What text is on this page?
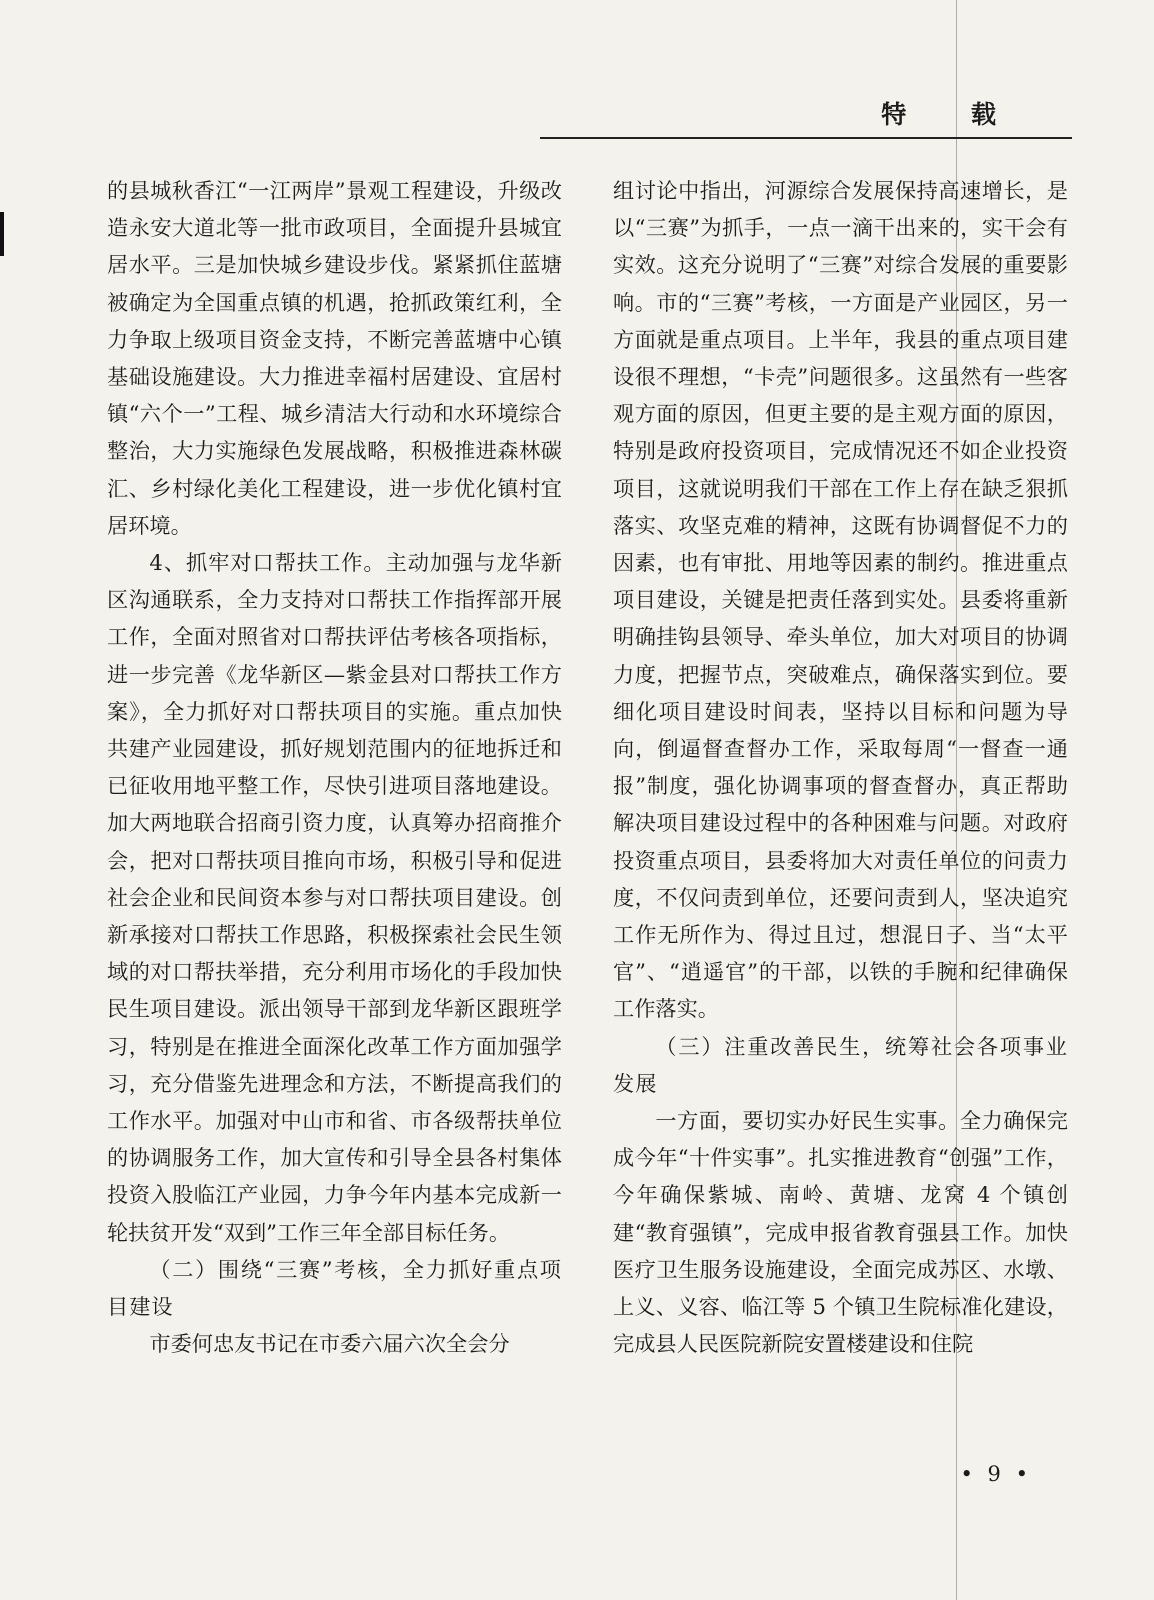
特 载

的县城秋香江“一江两岸”景观工程建设，升级改造永安大道北等一批市政项目，全面提升县城宜居水平。三是加快城乡建设步伐。紧紧抓住蓝塘被确定为全国重点镇的机遇，抢抓政策红利，全力争取上级项目资金支持，不断完善蓝塘中心镇基础设施建设。大力推进幸福村居建设、宜居村镇“六个一”工程、城乡清洁大行动和水环境综合整治，大力实施绿色发展战略，积极推进森林碳汇、乡村绿化美化工程建设，进一步优化镇村宜居环境。

4、抓牢对口帮扶工作。主动加强与龙华新区沟通联系，全力支持对口帮扶工作指挥部开展工作，全面对照省对口帮扶评估考核各项指标，进一步完善《龙华新区—紫金县对口帮扶工作方案》，全力抓好对口帮扶项目的实施。重点加快共建产业园建设，抓好规划范围内的征地拆迁和已征收用地平整工作，尽快引进项目落地建设。加大两地联合招商引资力度，认真筹办招商推介会，把对口帮扶项目推向市场，积极引导和促进社会企业和民间资本参与对口帮扶项目建设。创新承接对口帮扶工作思路，积极探索社会民生领域的对口帮扶举措，充分利用市场化的手段加快民生项目建设。派出领导干部到龙华新区跟班学习，特别是在推进全面深化改革工作方面加强学习，充分借鉴先进理念和方法，不断提高我们的工作水平。加强对中山市和省、市各级帮扶单位的协调服务工作，加大宣传和引导全县各村集体投资入股临江产业园，力争今年内基本完成新一轮扶贫开发“双到”工作三年全部目标任务。

（二）围绕“三赛”考核，全力抓好重点项目建设

市委何忠友书记在市委六届六次全会分

组讨论中指出，河源综合发展保持高速增长，是以“三赛”为抓手，一点一滴干出来的，实干会有实效。这充分说明了“三赛”对综合发展的重要影响。市的“三赛”考核，一方面是产业园区，另一方面就是重点项目。上半年，我县的重点项目建设很不理想，“卡壳”问题很多。这虽然有一些客观方面的原因，但更主要的是主观方面的原因，特别是政府投资项目，完成情况还不如企业投资项目，这就说明我们干部在工作上存在缺乏狠抓落实、攻坚克难的精神，这既有协调督促不力的因素，也有审批、用地等因素的制约。推进重点项目建设，关键是把责任落到实处。县委将重新明确挂钩县领导、牵头单位，加大对项目的协调力度，把握节点，突破难点，确保落实到位。要细化项目建设时间表，坚持以目标和问题为导向，倒逼督查督办工作，采取每周“一督查一通报”制度，强化协调事项的督查督办，真正帮助解决项目建设过程中的各种困难与问题。对政府投资重点项目，县委将加大对责任单位的问责力度，不仅问责到单位，还要问责到人，坚决追究工作无所作为、得过且过，想混日子、当“太平官”、“逍遥官”的干部，以铁的手腕和纪律确保工作落实。

（三）注重改善民生，统筹社会各项事业发展

一方面，要切实办好民生实事。全力确保完成今年“十件实事”。扎实推进教育“创强”工作，今年确保紫城、南岭、黄塘、龙窝 4 个镇创建“教育强镇”，完成申报省教育强县工作。加快医疗卫生服务设施建设，全面完成苏区、水墩、上义、义容、临江等 5 个镇卫生院标准化建设，完成县人民医院新院安置楼建设和住院

• 9 •
